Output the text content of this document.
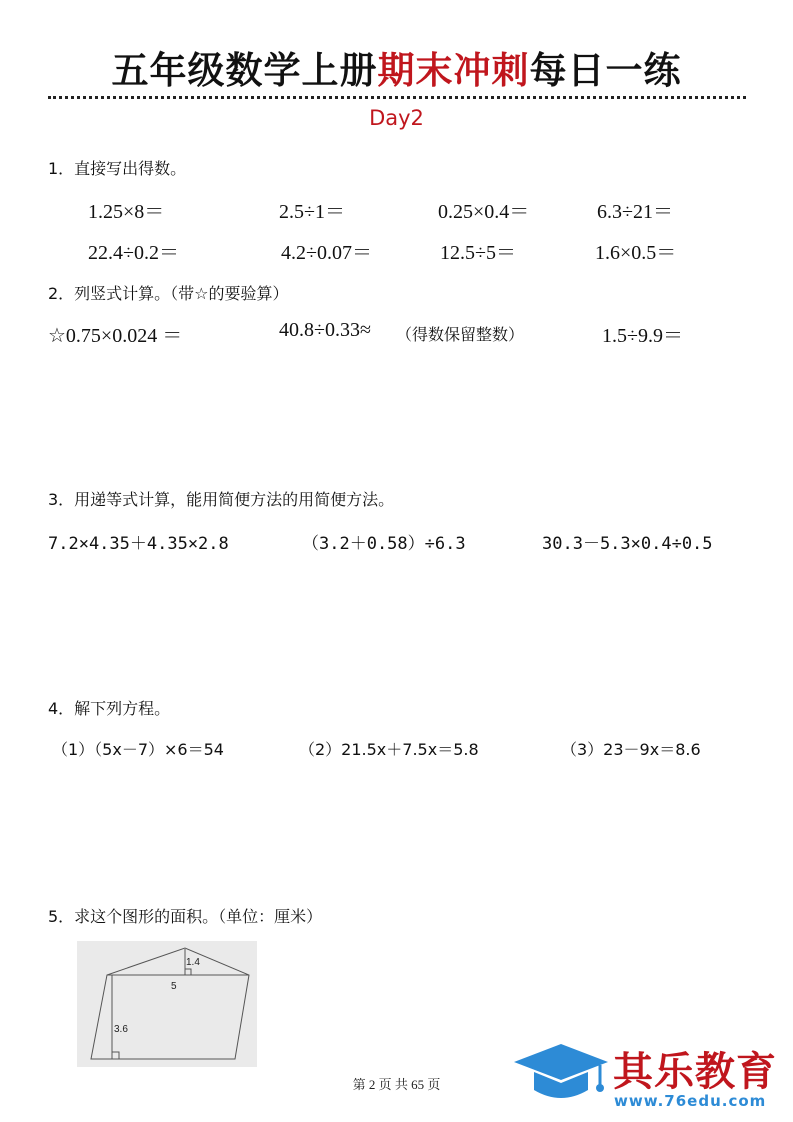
五年级数学上册期末冲刺每日一练
Day2
1．直接写出得数。
1.25×8＝	2.5÷1＝	0.25×0.4＝	6.3÷21＝
22.4÷0.2＝	4.2÷0.07＝	12.5÷5＝	1.6×0.5＝
2．列竖式计算。（带☆的要验算）
☆0.75×0.024 ＝	40.8÷0.33≈ （得数保留整数）	1.5÷9.9＝
3．用递等式计算，能用简便方法的用简便方法。
7.2×4.35＋4.35×2.8	（3.2＋0.58）÷6.3	30.3－5.3×0.4÷0.5
4．解下列方程。
（1）（5x－7）×6＝54	（2）21.5x＋7.5x＝5.8	（3）23－9x＝8.6
5．求这个图形的面积。（单位：厘米）
1.4
5
3.6
第 2 页 共 65 页	其乐教育
www.76edu.com
